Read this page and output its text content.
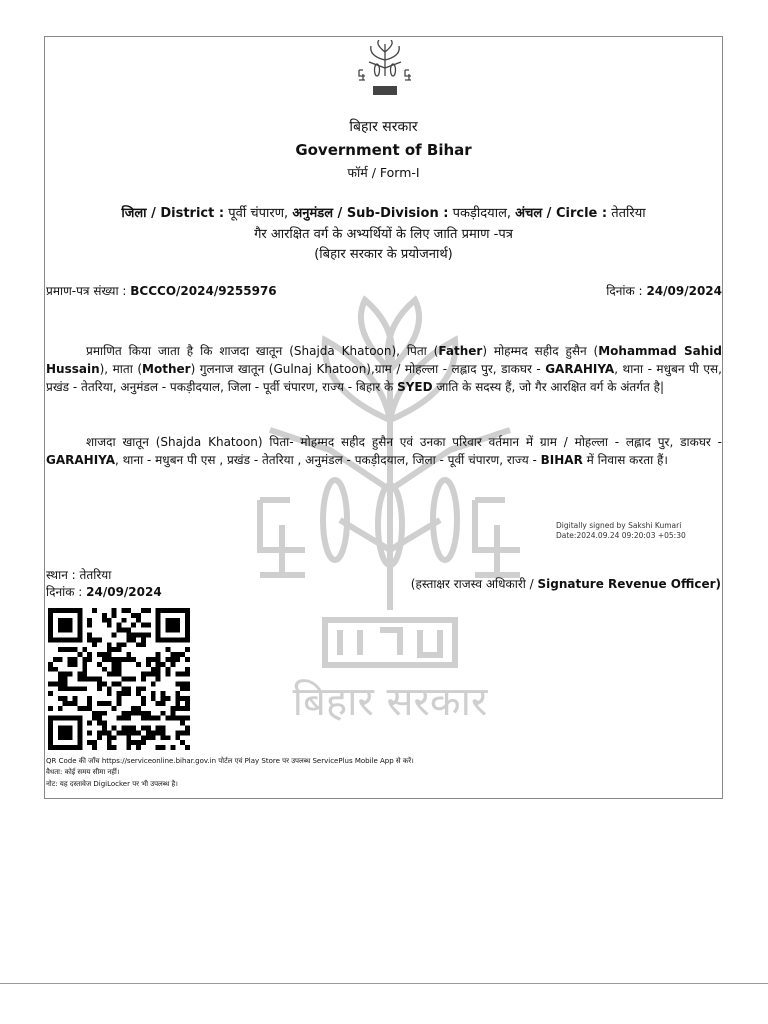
बिहार सरकार
बिहार सरकार
Government of Bihar
फॉर्म / Form-I
जिला / District : पूर्वी चंपारण, अनुमंडल / Sub-Division : पकड़ीदयाल, अंचल / Circle : तेतरिया
गैर आरक्षित वर्ग के अभ्यर्थियों के लिए जाति प्रमाण -पत्र
(बिहार सरकार के प्रयोजनार्थ)
प्रमाण-पत्र संख्या : BCCCO/2024/9255976	दिनांक : 24/09/2024
प्रमाणित किया जाता है कि शाजदा खातून (Shajda Khatoon), पिता (Father) मोहम्मद सहीद हुसैन (Mohammad Sahid Hussain), माता (Mother) गुलनाज खातून (Gulnaj Khatoon),ग्राम / मोहल्ला - लह्लाद पुर, डाकघर - GARAHIYA, थाना - मधुबन पी एस, प्रखंड - तेतरिया, अनुमंडल - पकड़ीदयाल, जिला - पूर्वी चंपारण, राज्य - बिहार के SYED जाति के सदस्य हैं, जो गैर आरक्षित वर्ग के अंतर्गत है|
शाजदा खातून (Shajda Khatoon) पिता- मोहम्मद सहीद हुसैन एवं उनका परिवार वर्तमान में ग्राम / मोहल्ला - लह्लाद पुर, डाकघर - GARAHIYA, थाना - मधुबन पी एस , प्रखंड - तेतरिया , अनुमंडल - पकड़ीदयाल, जिला - पूर्वी चंपारण, राज्य - BIHAR में निवास करता हैं।
Digitally signed by Sakshi Kumari
Date:2024.09.24 09:20:03 +05:30
स्थान : तेतरिया
दिनांक : 24/09/2024
(हस्ताक्षर राजस्व अधिकारी / Signature Revenue Officer)
QR Code की जाँच https://serviceonline.bihar.gov.in पोर्टल एवं Play Store पर उपलब्ध ServicePlus Mobile App से करें।
वैधता: कोई समय सीमा नहीं।
नोट: यह दस्तावेज DigiLocker पर भी उपलब्ध है।
